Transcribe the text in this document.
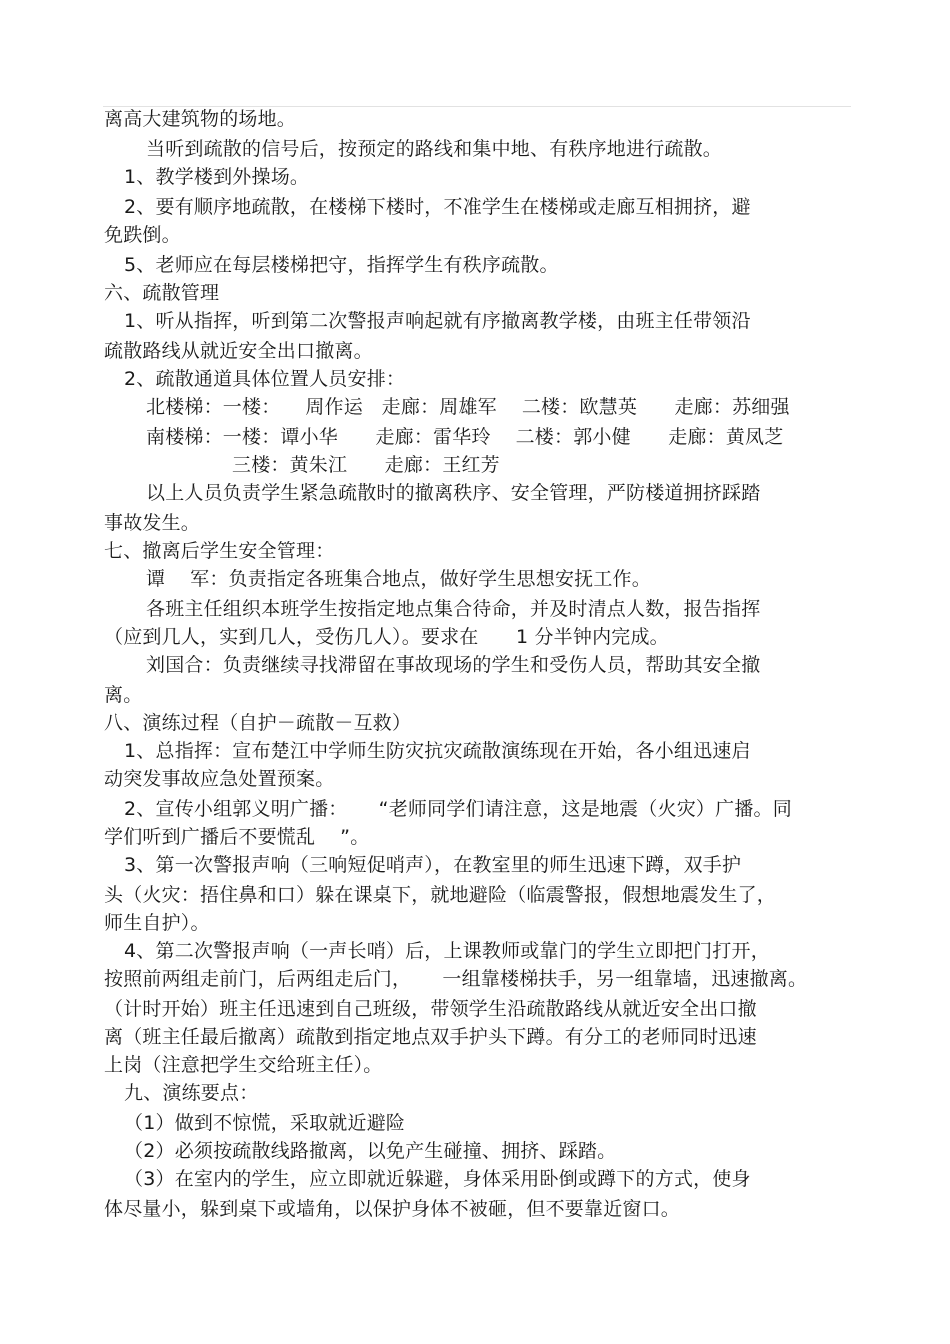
离高大建筑物的场地。
当听到疏散的信号后，按预定的路线和集中地、有秩序地进行疏散。
1、教学楼到外操场。
2、要有顺序地疏散，在楼梯下楼时，不准学生在楼梯或走廊互相拥挤，避
免跌倒。
5、老师应在每层楼梯把守，指挥学生有秩序疏散。
六、疏散管理
1、听从指挥，听到第二次警报声响起就有序撤离教学楼，由班主任带领沿
疏散路线从就近安全出口撤离。
2、疏散通道具体位置人员安排：
北楼梯：一楼：    周作运   走廊：周雄军    二楼：欧慧英      走廊：苏细强
南楼梯：一楼：谭小华      走廊：雷华玲    二楼：郭小健      走廊：黄凤芝
三楼：黄朱江      走廊：王红芳
以上人员负责学生紧急疏散时的撤离秩序、安全管理，严防楼道拥挤踩踏
事故发生。
七、撤离后学生安全管理：
谭    军：负责指定各班集合地点，做好学生思想安抚工作。
各班主任组织本班学生按指定地点集合待命，并及时清点人数，报告指挥
（应到几人，实到几人，受伤几人）。要求在      1 分半钟内完成。
刘国合：负责继续寻找滞留在事故现场的学生和受伤人员，帮助其安全撤
离。
八、演练过程（自护－疏散－互救）
1、总指挥：宣布楚江中学师生防灾抗灾疏散演练现在开始，各小组迅速启
动突发事故应急处置预案。
2、宣传小组郭义明广播：     “老师同学们请注意，这是地震（火灾）广播。同
学们听到广播后不要慌乱    ”。
3、第一次警报声响（三响短促哨声），在教室里的师生迅速下蹲，双手护
头（火灾：捂住鼻和口）躲在课桌下，就地避险（临震警报，假想地震发生了，
师生自护）。
4、第二次警报声响（一声长哨）后，上课教师或靠门的学生立即把门打开，
按照前两组走前门，后两组走后门，     一组靠楼梯扶手，另一组靠墙，迅速撤离。
（计时开始）班主任迅速到自己班级，带领学生沿疏散路线从就近安全出口撤
离（班主任最后撤离）疏散到指定地点双手护头下蹲。有分工的老师同时迅速
上岗（注意把学生交给班主任）。
九、演练要点：
（1）做到不惊慌，采取就近避险
（2）必须按疏散线路撤离，以免产生碰撞、拥挤、踩踏。
（3）在室内的学生，应立即就近躲避，身体采用卧倒或蹲下的方式，使身
体尽量小，躲到桌下或墙角，以保护身体不被砸，但不要靠近窗口。
